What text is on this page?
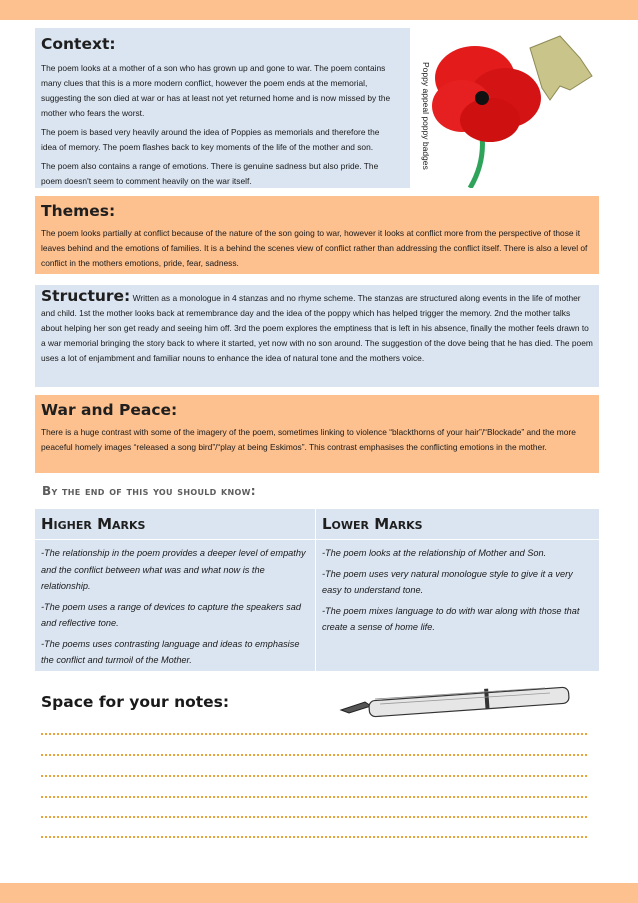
Context:

The poem looks at a mother of a son who has grown up and gone to war. The poem contains many clues that this is a more modern conflict, however the poem ends at the memorial, suggesting the son died at war or has at least not yet returned home and is now missed by the mother who fears the worst.

The poem is based very heavily around the idea of Poppies as memorials and therefore the idea of memory. The poem flashes back to key moments of the life of the mother and son.

The poem also contains a range of emotions. There is genuine sadness but also pride. The poem doesn't seem to comment heavily on the war itself.

Poppy appeal poppy badges
Themes:

The poem looks partially at conflict because of the nature of the son going to war, however it looks at conflict more from the perspective of those it leaves behind and the emotions of families. It is a behind the scenes view of conflict rather than addressing the conflict itself. There is also a level of conflict in the mothers emotions, pride, fear, sadness.

Structure: Written as a monologue in 4 stanzas and no rhyme scheme. The stanzas are structured along events in the life of mother and child. 1st the mother looks back at remembrance day and the idea of the poppy which has helped trigger the memory. 2nd the mother talks about helping her son get ready and seeing him off. 3rd the poem explores the emptiness that is left in his absence, finally the mother feels drawn to a war memorial bringing the story back to where it started, yet now with no son around. The suggestion of the dove being that he has died. The poem uses a lot of enjambment and familiar nouns to enhance the idea of natural tone and the mothers voice.

War and Peace:

There is a huge contrast with some of the imagery of the poem, sometimes linking to violence “blackthorns of your hair”/“Blockade” and the more peaceful homely images “released a song bird”/“play at being Eskimos”. This contrast emphasises the conflicting emotions in the mother.

By the end of this you should know:
Higher Marks
-The relationship in the poem provides a deeper level of empathy and the conflict between what was and what now is the relationship.
-The poem uses a range of devices to capture the speakers sad and reflective tone.
-The poems uses contrasting language and ideas to emphasise the conflict and turmoil of the Mother.
Lower Marks
-The poem looks at the relationship of Mother and Son.
-The poem uses very natural monologue style to give it a very easy to understand tone.
-The poem mixes language to do with war along with those that create a sense of home life.
Space for your notes:
